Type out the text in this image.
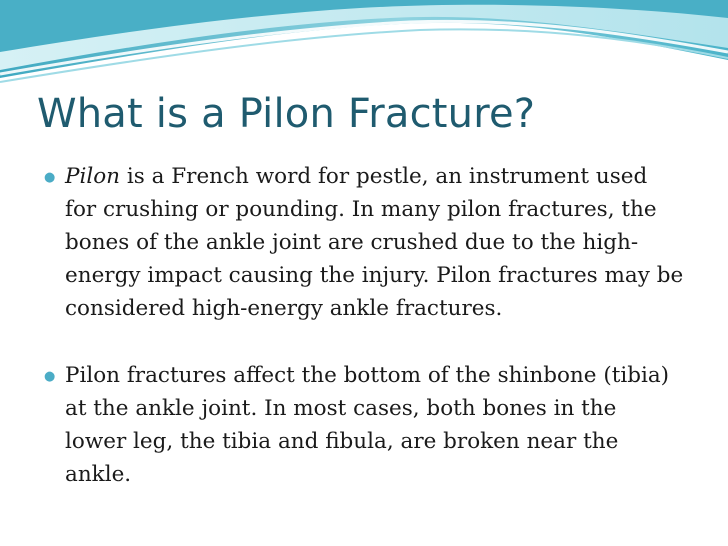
What is a Pilon Fracture?
● Pilon is a French word for pestle, an instrument used for crushing or pounding. In many pilon fractures, the bones of the ankle joint are crushed due to the high-energy impact causing the injury. Pilon fractures may be considered high-energy ankle fractures.
● Pilon fractures affect the bottom of the shinbone (tibia) at the ankle joint. In most cases, both bones in the lower leg, the tibia and fibula, are broken near the ankle.
